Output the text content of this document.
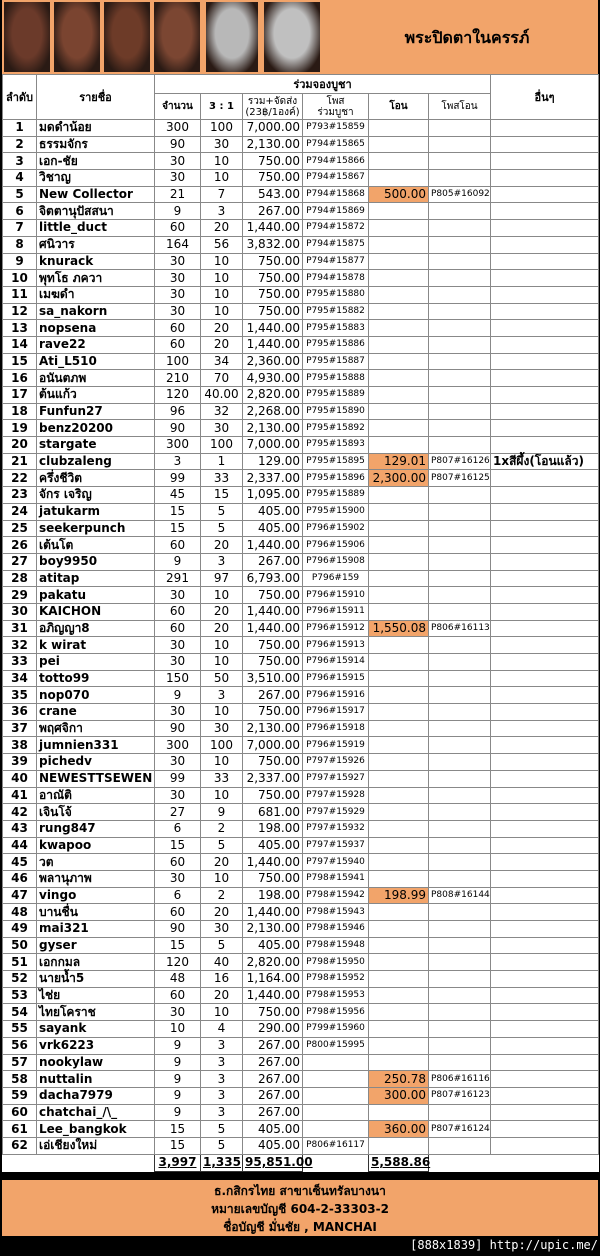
พระปิดตาในครรภ์
ลำดับ	รายชื่อ	ร่วมจองบูชา						อื่นๆ
		จำนวน	3 : 1	รวม+จัดส่ง
(23฿/1องค์)	โพส
ร่วมบูชา	โอน	โพสโอน	
1	มดดำน้อย	300	100	7,000.00	P793#15859			
2	ธรรมจักร	90	30	2,130.00	P794#15865			
3	เอก-ชัย	30	10	750.00	P794#15866			
4	วิชาญ	30	10	750.00	P794#15867			
5	New Collector	21	7	543.00	P794#15868	500.00	P805#16092	
6	จิตตานุปัสสนา	9	3	267.00	P794#15869			
7	little_duct	60	20	1,440.00	P794#15872			
8	ศนิวาร	164	56	3,832.00	P794#15875			
9	knurack	30	10	750.00	P794#15877			
10	พุทโธ ภควา	30	10	750.00	P794#15878			
11	เมฆดำ	30	10	750.00	P795#15880			
12	sa_nakorn	30	10	750.00	P795#15882			
13	nopsena	60	20	1,440.00	P795#15883			
14	rave22	60	20	1,440.00	P795#15886			
15	Ati_L510	100	34	2,360.00	P795#15887			
16	อนันตภพ	210	70	4,930.00	P795#15888			
17	ต้นแก้ว	120	40.00	2,820.00	P795#15889			
18	Funfun27	96	32	2,268.00	P795#15890			
19	benz20200	90	30	2,130.00	P795#15892			
20	stargate	300	100	7,000.00	P795#15893			
21	clubzaleng	3	1	129.00	P795#15895	129.01	P807#16126	1xสีผึ้ง(โอนแล้ว)
22	ครึ่งชีวิต	99	33	2,337.00	P795#15896	2,300.00	P807#16125	
23	จักร เจริญ	45	15	1,095.00	P795#15889			
24	jatukarm	15	5	405.00	P795#15900			
25	seekerpunch	15	5	405.00	P796#15902			
26	เต้นโต	60	20	1,440.00	P796#15906			
27	boy9950	9	3	267.00	P796#15908			
28	atitap	291	97	6,793.00	P796#159			
29	pakatu	30	10	750.00	P796#15910			
30	KAICHON	60	20	1,440.00	P796#15911			
31	อภิญญา8	60	20	1,440.00	P796#15912	1,550.08	P806#16113	
32	k wirat	30	10	750.00	P796#15913			
33	pei	30	10	750.00	P796#15914			
34	totto99	150	50	3,510.00	P796#15915			
35	nop070	9	3	267.00	P796#15916			
36	crane	30	10	750.00	P796#15917			
37	พฤศจิกา	90	30	2,130.00	P796#15918			
38	jumnien331	300	100	7,000.00	P796#15919			
39	pichedv	30	10	750.00	P797#15926			
40	NEWESTTSEWEN	99	33	2,337.00	P797#15927			
41	อาณัติ	30	10	750.00	P797#15928			
42	เจินโจ้	27	9	681.00	P797#15929			
43	rung847	6	2	198.00	P797#15932			
44	kwapoo	15	5	405.00	P797#15937			
45	วต	60	20	1,440.00	P797#15940			
46	พลานุภาพ	30	10	750.00	P798#15941			
47	vingo	6	2	198.00	P798#15942	198.99	P808#16144	
48	บานชื่น	60	20	1,440.00	P798#15943			
49	mai321	90	30	2,130.00	P798#15946			
50	gyser	15	5	405.00	P798#15948			
51	เอกกมล	120	40	2,820.00	P798#15950			
52	นายน้ำ5	48	16	1,164.00	P798#15952			
53	ไช่ย	60	20	1,440.00	P798#15953			
54	ไทยโคราช	30	10	750.00	P798#15956			
55	sayank	10	4	290.00	P799#15960			
56	vrk6223	9	3	267.00	P800#15995			
57	nookylaw	9	3	267.00				
58	nuttalin	9	3	267.00		250.78	P806#16116	
59	dacha7979	9	3	267.00		300.00	P807#16123	
60	chatchai_/\_	9	3	267.00				
61	Lee_bangkok	15	5	405.00		360.00	P807#16124	
62	เอ่เชียงใหม่	15	5	405.00	P806#16117			
		3,997	1,335	95,851.00		5,588.86		
ธ.กสิกรไทย สาขาเซ็นทรัลบางนา
หมายเลขบัญชี 604-2-33303-2
ชื่อบัญชี มั่นชัย , MANCHAI
[888x1839] http://upic.me/
